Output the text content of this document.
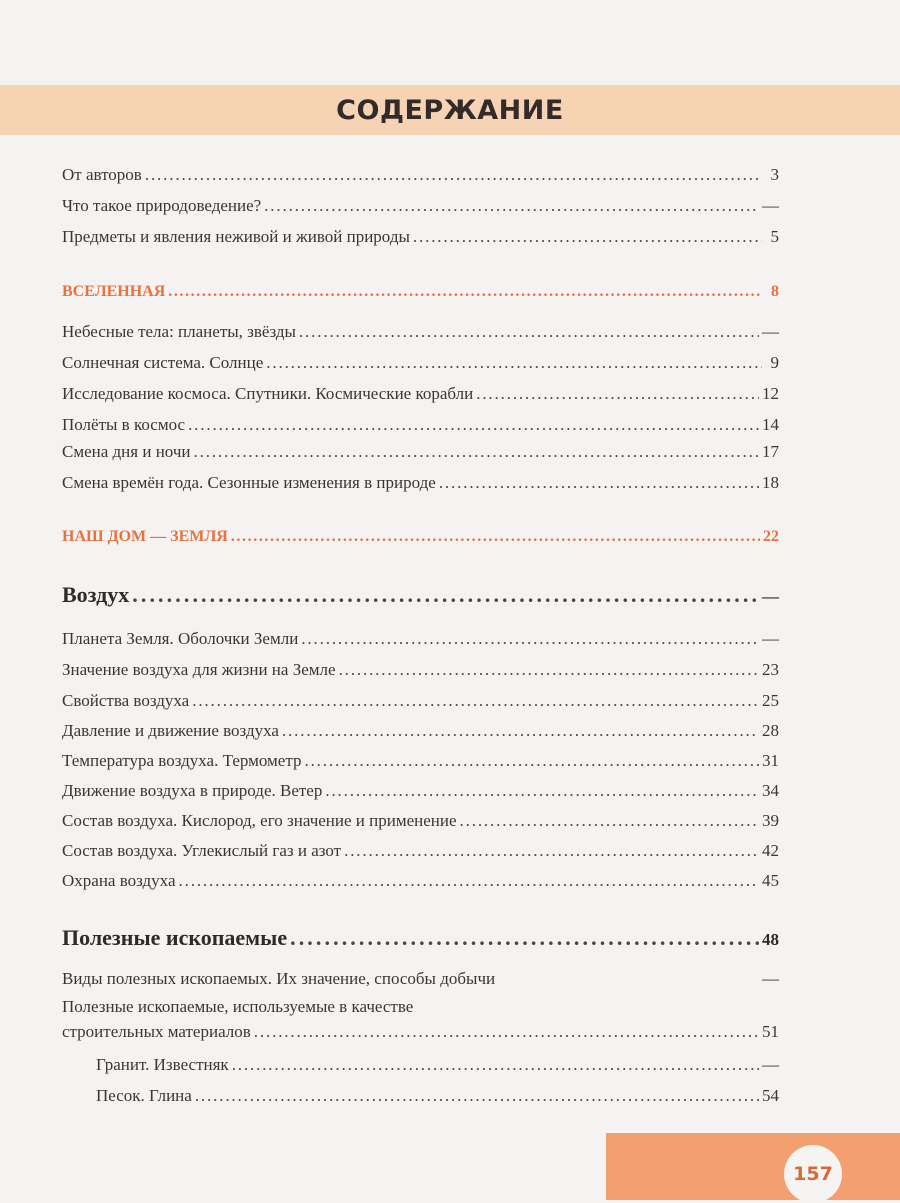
СОДЕРЖАНИЕ
От авторов . . .	3
Что такое природоведение? . . .	—
Предметы и явления неживой и живой природы . . .	5
ВСЕЛЕННАЯ . . .	8
Небесные тела: планеты, звёзды . . .	—
Солнечная система. Солнце . . .	9
Исследование космоса. Спутники. Космические корабли . . .	12
Полёты в космос . . .	14
Смена дня и ночи . . .	17
Смена времён года. Сезонные изменения в природе . . .	18
НАШ ДОМ — ЗЕМЛЯ . . .	22
Воздух . . .	—
Планета Земля. Оболочки Земли . . .	—
Значение воздуха для жизни на Земле . . .	23
Свойства воздуха . . .	25
Давление и движение воздуха . . .	28
Температура воздуха. Термометр . . .	31
Движение воздуха в природе. Ветер . . .	34
Состав воздуха. Кислород, его значение и применение . . .	39
Состав воздуха. Углекислый газ и азот . . .	42
Охрана воздуха . . .	45
Полезные ископаемые . . .	48
Виды полезных ископаемых. Их значение, способы добычи	—
Полезные ископаемые, используемые в качестве
строительных материалов . . .	51
Гранит. Известняк . . .	—
Песок. Глина . . .	54
157
